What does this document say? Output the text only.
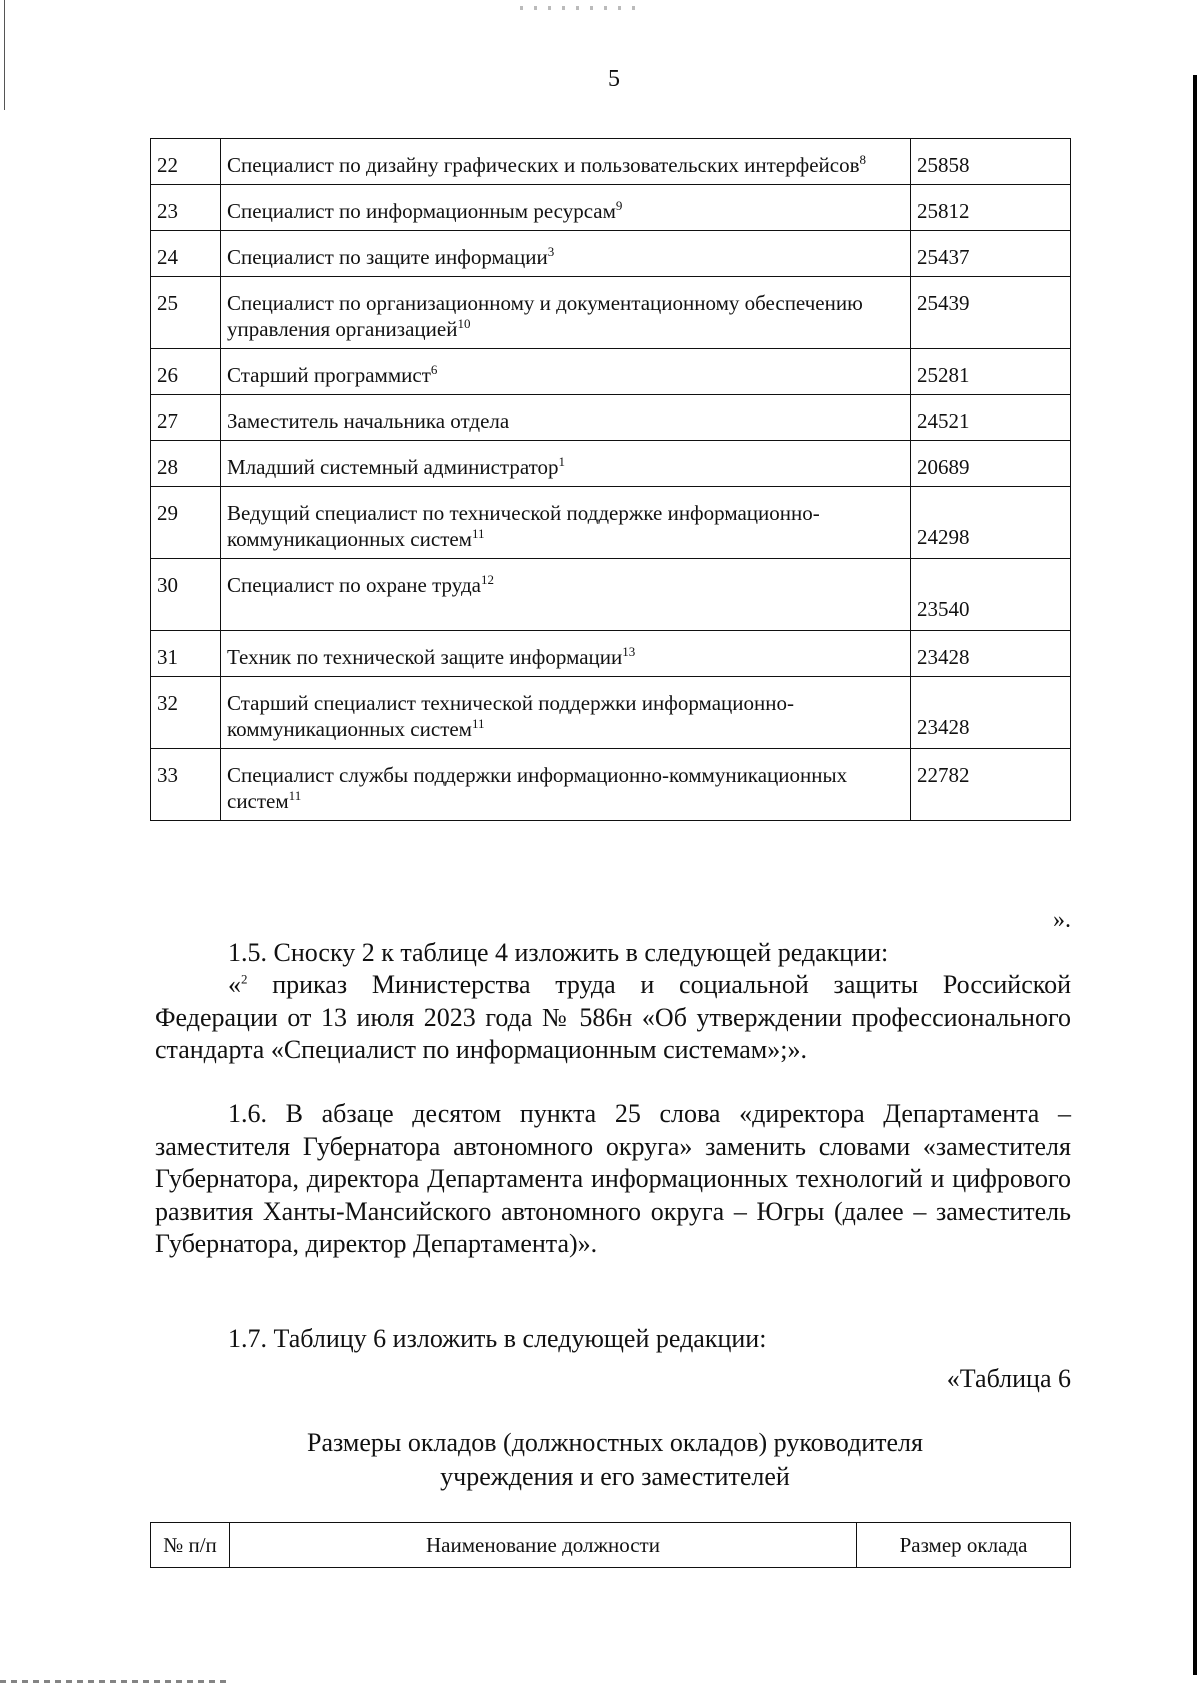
5
22	Специалист по дизайну графических и пользовательских интерфейсов$^8$	25858
23	Специалист по информационным ресурсам$^9$	25812
24	Специалист по защите информации$^3$	25437
25	Специалист по организационному и документационному обеспечению управления организацией$^{10}$	25439
26	Старший программист$^6$	25281
27	Заместитель начальника отдела	24521
28	Младший системный администратор$^1$	20689
29	Ведущий специалист по технической поддержке информационно-коммуникационных систем$^{11}$	24298
30	Специалист по охране труда$^{12}$	23540
31	Техник по технической защите информации$^{13}$	23428
32	Старший специалист технической поддержки информационно-коммуникационных систем$^{11}$	23428
33	Специалист службы поддержки информационно-коммуникационных систем$^{11}$	22782
».
1.5. Сноску 2 к таблице 4 изложить в следующей редакции:
«$^2$ приказ Министерства труда и социальной защиты Российской Федерации от 13 июля 2023 года № 586н «Об утверждении профессионального стандарта «Специалист по информационным системам»;».
1.6. В абзаце десятом пункта 25 слова «директора Департамента – заместителя Губернатора автономного округа» заменить словами «заместителя Губернатора, директора Департамента информационных технологий и цифрового развития Ханты-Мансийского автономного округа – Югры (далее – заместитель Губернатора, директор Департамента)».
1.7. Таблицу 6 изложить в следующей редакции:
«Таблица 6
Размеры окладов (должностных окладов) руководителя
учреждения и его заместителей
№ п/п	Наименование должности	Размер оклада
